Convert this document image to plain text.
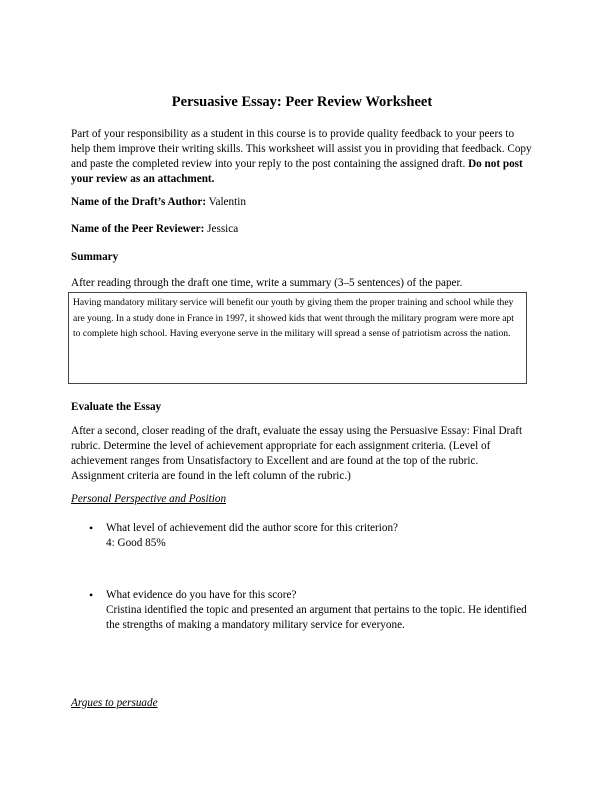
Persuasive Essay: Peer Review Worksheet

Part of your responsibility as a student in this course is to provide quality feedback to your peers to help them improve their writing skills. This worksheet will assist you in providing that feedback. Copy and paste the completed review into your reply to the post containing the assigned draft. Do not post your review as an attachment.

Name of the Draft’s Author: Valentin

Name of the Peer Reviewer: Jessica

Summary

After reading through the draft one time, write a summary (3–5 sentences) of the paper.

Having mandatory military service will benefit our youth by giving them the proper training and school while they are young. In a study done in France in 1997, it showed kids that went through the military program were more apt to complete high school. Having everyone serve in the military will spread a sense of patriotism across the nation.

Evaluate the Essay

After a second, closer reading of the draft, evaluate the essay using the Persuasive Essay: Final Draft rubric. Determine the level of achievement appropriate for each assignment criteria. (Level of achievement ranges from Unsatisfactory to Excellent and are found at the top of the rubric. Assignment criteria are found in the left column of the rubric.)

Personal Perspective and Position
• What level of achievement did the author score for this criterion?
4: Good 85%
• What evidence do you have for this score?
Cristina identified the topic and presented an argument that pertains to the topic. He identified the strengths of making a mandatory military service for everyone.
Argues to persuade
